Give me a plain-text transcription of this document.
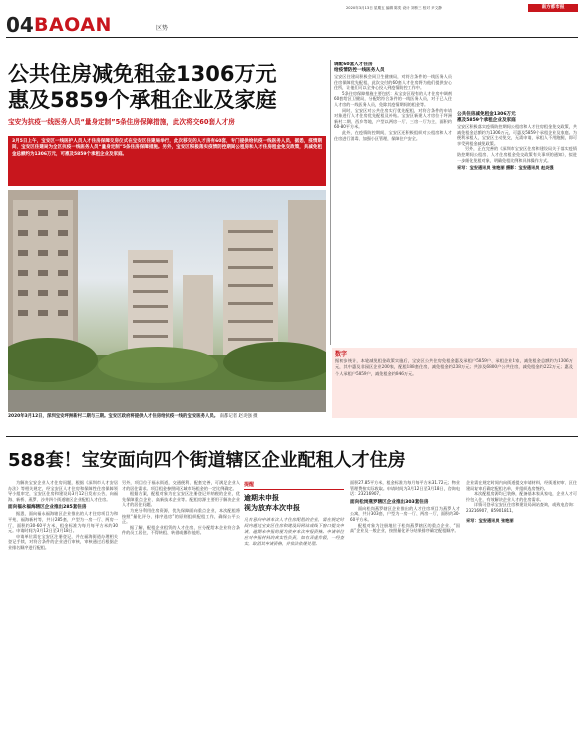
04 BAOAN	区势
2020年3月13日 星期五 编辑 陈奕 设计 刘桥三 校对 尹文静	南方都市报
公共住房减免租金1306万元
惠及5859个承租企业及家庭
宝安为抗疫一线医务人员“量身定制”5条住房保障措施，此次将交60套人才房
3月5日上午，宝安区一线医护人员人才住房保障交房仪式在宝安区住建局举行，此次移交的人才房有60套，专门提供给抗疫一线医务人员，据悉，疫情期间，宝安区住建局为全区抗疫一线医务人员“量身定制”5条住房保障措施。另外，宝安区积极落实疫情防控期间公租房和人才住房租金免交政策，共减免租金总额约为1306万元，可惠及5859个承租企业及家庭。
2020年3月12日，深圳宝安坪洲新村二期与三期。宝安区政府将提供人才住房给抗疫一线的宝安医务人员。 南都记者 赵炎强 摄
调配60套人才住房
给疫情防控一线医务人员
宝安区住建局积极会同卫生健康局，对符合条件的一线医务人员住房保障优先配租，此次交付的60套人才住房将为他们提供安心住所，让他们可以全身心投入到疫情防控工作中。
5条住房保障措施主要包括：从宝安区现有的人才住房中调剂60套给区卫健局，分配给符合条件的一线医务人员，对于已入住人才房的一线医务人员，免除其疫情期间的租金等。
同时，宝安区对公共住房实行优先配租，对符合条件的申请对象进行人才住房优先配租及补贴。宝安区新建人才房位于坪洲新村二期、西乡等地，户型以两房一厅、三房一厅为主，面积约60-80平方米。
此外，在疫情防控期间，宝安区还积极组织对公租房和人才住房进行消毒、加强小区管理，保障住户安全。
公共住房减免租金1306万元
惠及5859个承租企业及家庭
宝安区积极落实疫情防控期间公租房和人才住房租金免交政策，共减免租金总额约为1306万元，可惠及5859个承租企业及家庭。为便利承租人，宝安区主动免交，无需申请，承租人不用跑腿，即可享受到租金减免政策。
另外，正在完善的《深圳市宝安区住房和建设局关于落实疫情防控期间公租房、人才住房租金免交政策有关事项的通知》，拟进一步细化免租对象，明确免租比例和具体操作方式。
采写：宝安通讯员 张艳丽 摄影：宝安通讯员 赵炎强
数字
据初步统计，本轮减免租金政策实施后，宝安区公共住房免租金惠及承租户5859户、承租企业1家，减免租金总额约为1306万元，其中惠及非园区企业200家，配租188套住房，减免租金约238万元；共涉及6800户公共住房，减免租金约222万元；惠及个人承租户5859户，减免租金约846万元。
588套！宝安面向四个街道辖区企业配租人才住房
为解决宝安企业人才住房问题，根据《深圳市人才安居办法》等相关规定，经宝安区人才住房和保障性住房保障领导小组审定，宝安区住房和建设局3月12日发布公告，向福海、新桥、燕罗、沙井四个街道辖区企业配租人才住房。
面向福永福海辖区企业推出285套住房
据悉，面向福永福海辖区企业推出的人才住房项目为和平苑、福海新村等，共计285套，户型为一房一厅、两房一厅，面积约30-60平方米，租金标准为每月每平方米约30元。申请时间为3月12日至3月18日。
申请单位需在宝安区注册登记，并在福海街道办理相关登记手续，对符合条件的企业进行审核，审核通过后根据企业排名顺序进行配租。
另外，项目位于福永街道，交通便利、配套完善，可满足企业人才的居住需求。项目租金参照同区域市场租金的一定比例确定。
根据方案，配租对象为在宝安区注册登记并纳税的企业，优先保障重点企业、高新技术企业等。配租房源主要用于解决企业人才的居住问题。
为充分利用住房资源，优先保障面向重点企业，本次配租将按照“量化评分、排序选房”的原则组织配租工作，确保公平公正。
据了解，配租企业租赁的人才住房，应分配给本企业符合条件的员工居住，不得转租、转借或挪作他用。
提醒
逾期未申报
视为放弃本次申报
凡有意向申请本次人才住房配租的企业，需在规定时间内通过宝安区住房和建设局网站或线下窗口提交申请，逾期未申报的视为放弃本次申报资格。申请单位应对申报材料的真实性负责，如有弄虚作假，一经查实，取消其申请资格，并依法依规处理。
面积27.85平方米，租金标准为每月每平方米31.72元；物业管理费按实际收取。申请时间为3月12日至3月18日，咨询电话：23216907。
面向松岗燕罗辖区企业推出303套住房
面向松岗燕罗辖区企业推出的人才住房项目为燕罗人才公寓，共计303套，户型为一房一厅、两房一厅，面积约30-60平方米。
配租对象为注册地位于松岗燕罗辖区的重点企业、“国高”企业及一般企业，按照量化评分结果排序确定配租顺序。
企业需在规定时间内向街道提交申请材料，经街道初审、区住建局复审后确定配租名单，并组织选房签约。
本次配租房源均已装修，配备基本家具家电，企业人才可拎包入住，有效解决企业人才的住房需求。
详情可登录宝安区住房和建设局网站查询，或致电咨询：23216907、85901811。
采写：宝安通讯员 张艳丽
